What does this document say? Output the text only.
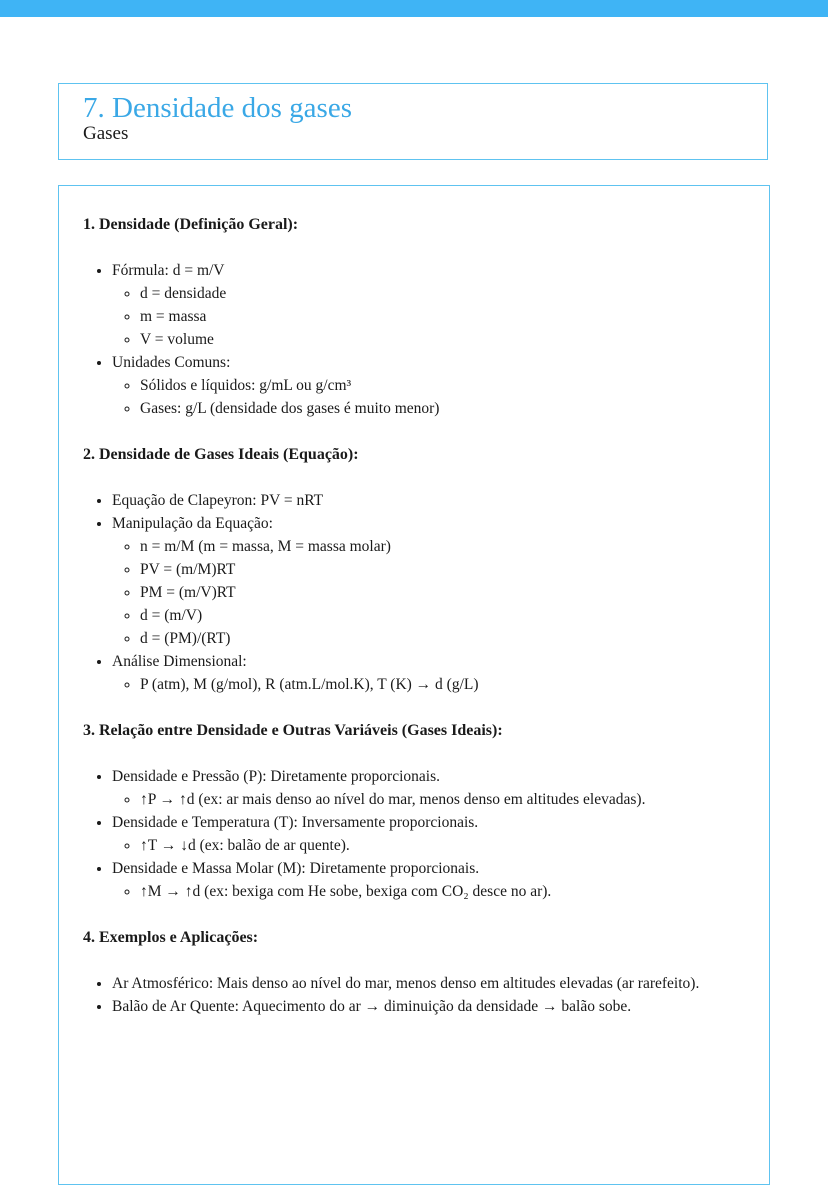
7. Densidade dos gases
Gases
1. Densidade (Definição Geral):
• Fórmula: d = m/V
◦ d = densidade
◦ m = massa
◦ V = volume
• Unidades Comuns:
◦ Sólidos e líquidos: g/mL ou g/cm³
◦ Gases: g/L (densidade dos gases é muito menor)
2. Densidade de Gases Ideais (Equação):
• Equação de Clapeyron: PV = nRT
• Manipulação da Equação:
◦ n = m/M (m = massa, M = massa molar)
◦ PV = (m/M)RT
◦ PM = (m/V)RT
◦ d = (m/V)
◦ d = (PM)/(RT)
• Análise Dimensional:
◦ P (atm), M (g/mol), R (atm.L/mol.K), T (K) → d (g/L)
3. Relação entre Densidade e Outras Variáveis (Gases Ideais):
• Densidade e Pressão (P): Diretamente proporcionais.
◦ ↑P → ↑d (ex: ar mais denso ao nível do mar, menos denso em altitudes elevadas).
• Densidade e Temperatura (T): Inversamente proporcionais.
◦ ↑T → ↓d (ex: balão de ar quente).
• Densidade e Massa Molar (M): Diretamente proporcionais.
◦ ↑M → ↑d (ex: bexiga com He sobe, bexiga com CO₂ desce no ar).
4. Exemplos e Aplicações:
• Ar Atmosférico: Mais denso ao nível do mar, menos denso em altitudes elevadas (ar rarefeito).
• Balão de Ar Quente: Aquecimento do ar → diminuição da densidade → balão sobe.
